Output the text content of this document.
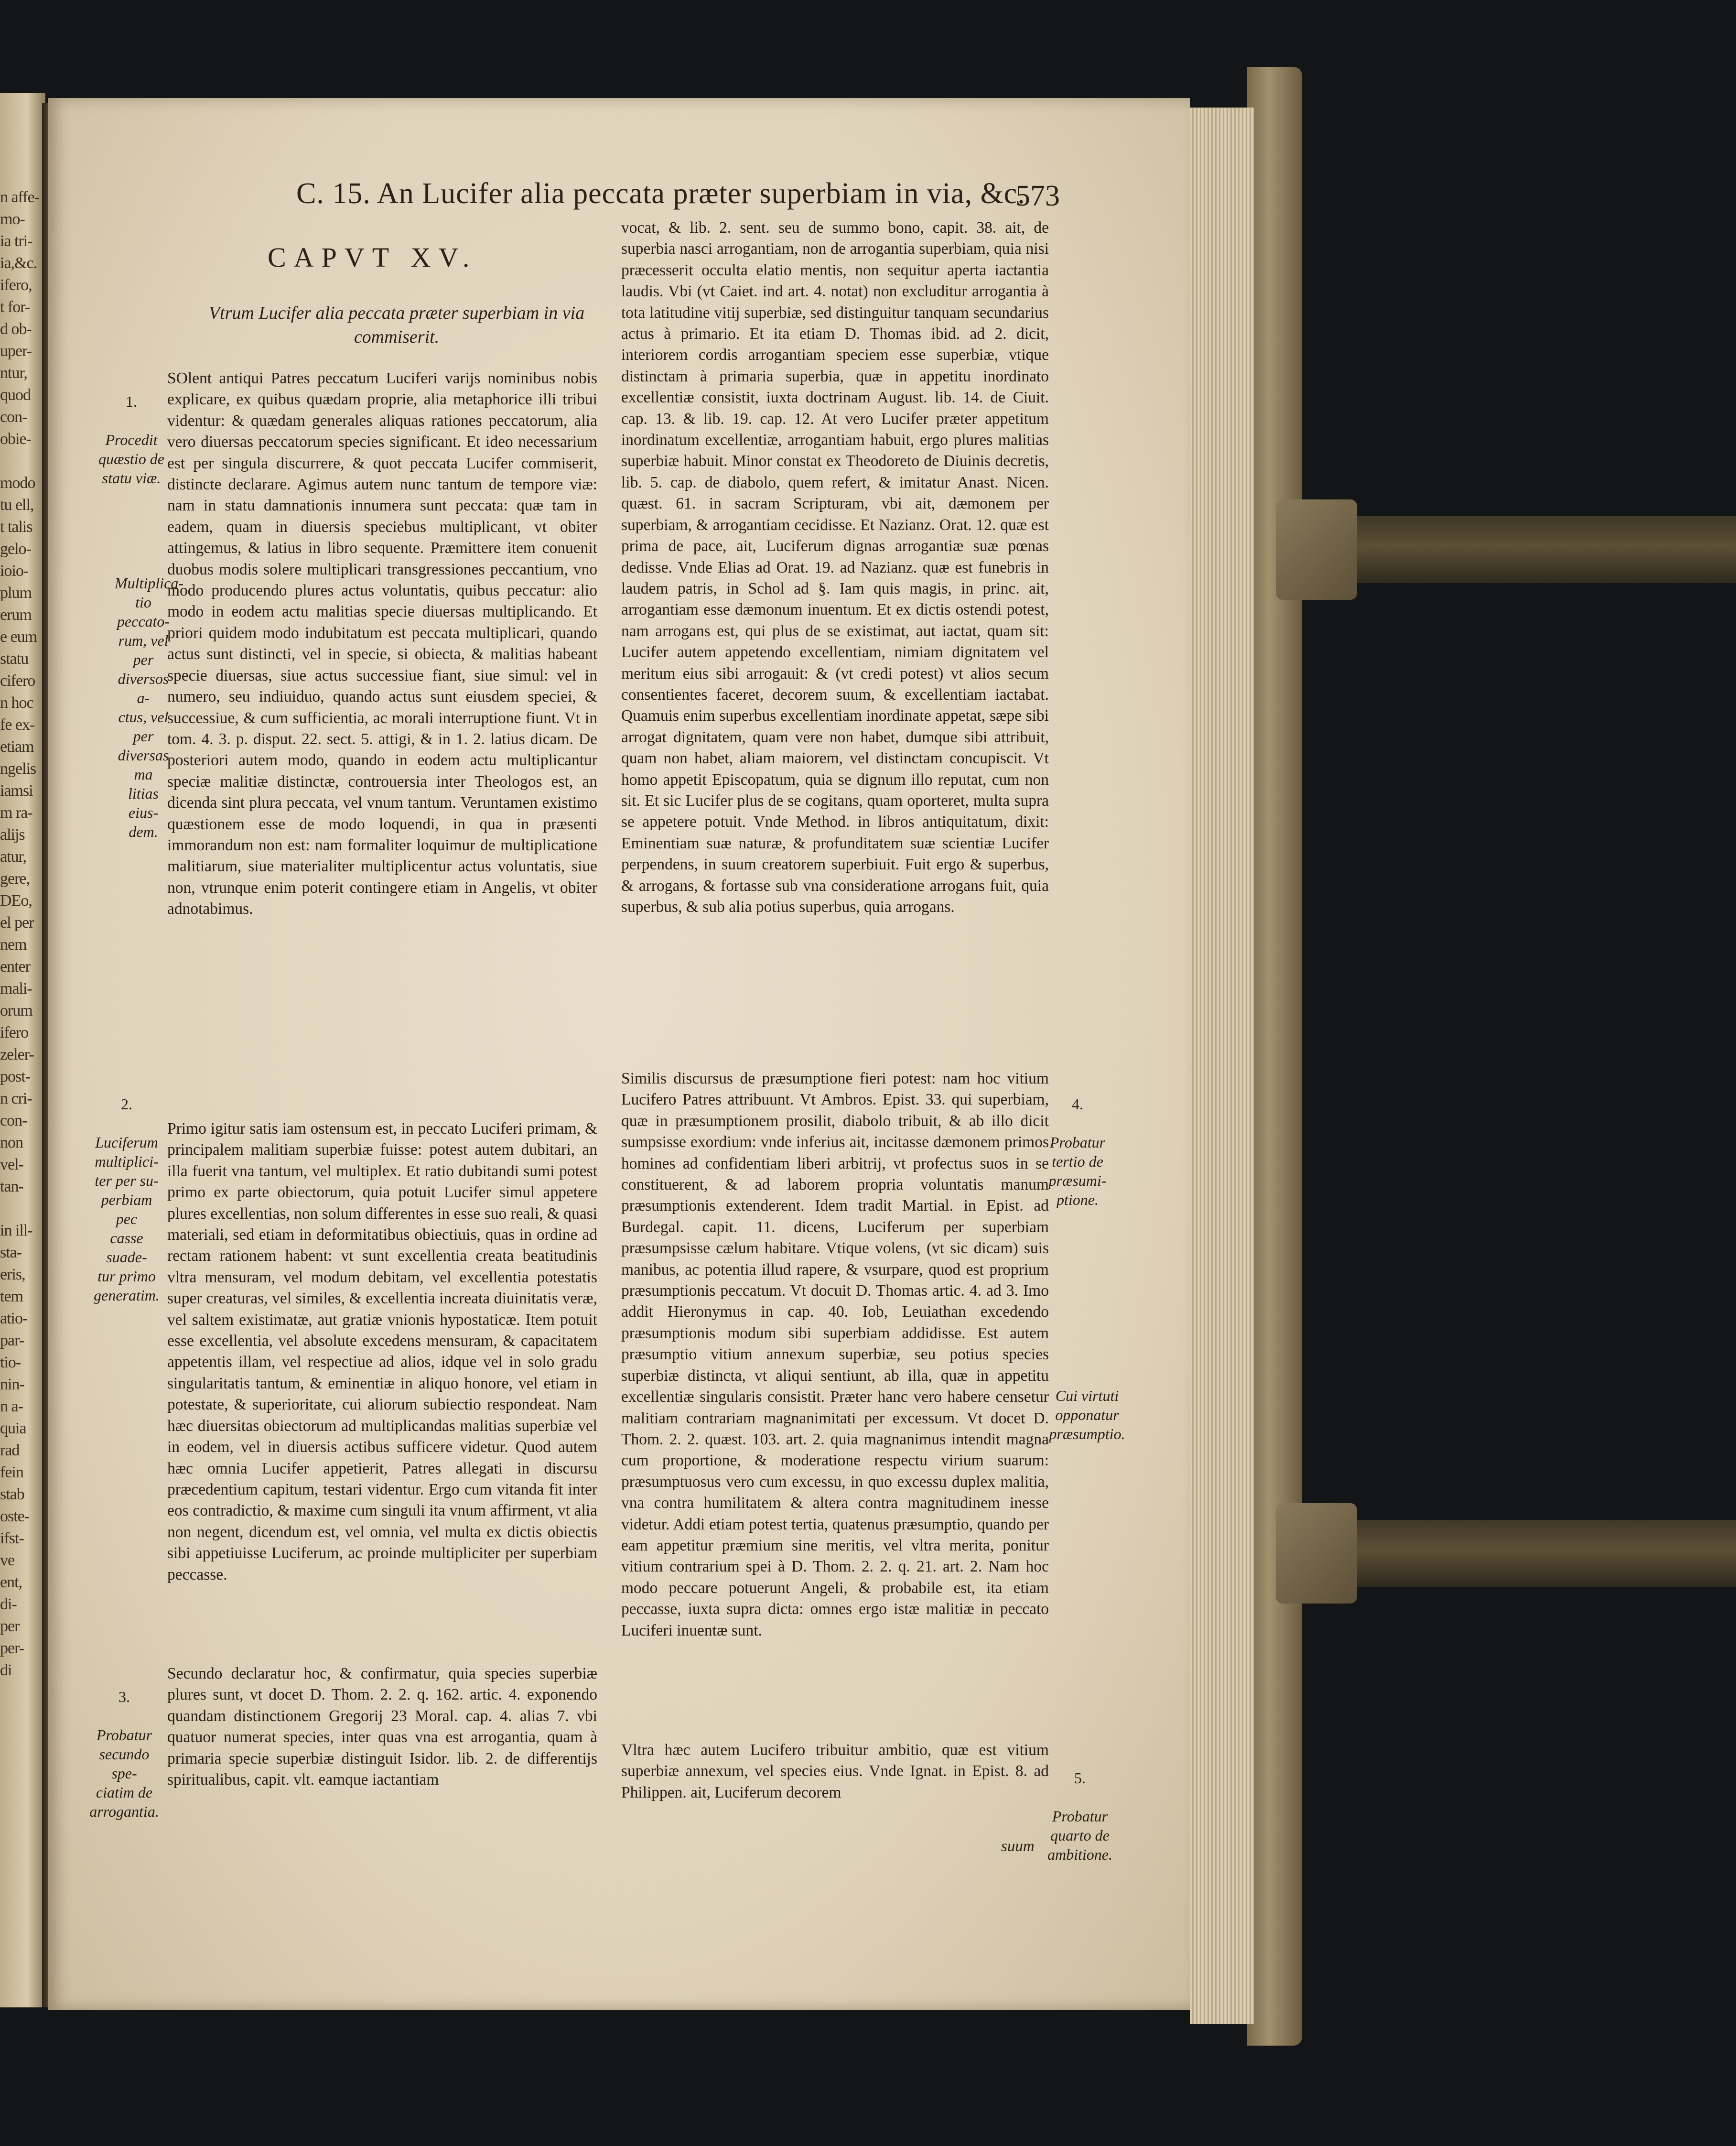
n affe-
mo-
ia tri-
ia,&c.
ifero,
t for-
d ob-
uper-
ntur,
quod
con-
obie-

modo
tu ell,
t talis
gelo-
ioio-
plum
erum
e eum
statu
cifero
n hoc
fe ex-
etiam
ngelis
iamsi
m ra-
alijs
atur,
gere,
DEo,
el per
nem
enter
mali-
orum
ifero
zeler-
post-
n cri-
con-
non
vel-
tan-

in ill-
sta-
eris,
tem
atio-
par-
tio-
nin-
n a-
quia
rad
fein
stab
oste-
ifst-
ve
ent,
di-
per
per-
di
C. 15. An Lucifer alia peccata præter superbiam in via, &c.
573
CAPVT XV.
Vtrum Lucifer alia peccata præter superbiam in via commiserit.

1.

Procedit
quæstio de
statu viæ.

Multiplica-
tio peccato-
rum, vel per
diversos a-
ctus, vel per
diversas ma
litias eius-
dem.

2.

Luciferum
multiplici-
ter per su-
perbiam pec
casse suade-
tur primo
generatim.

3.

Probatur
secundo spe-
ciatim de
arrogantia.

4.

Probatur
tertio de
præsumi-
ptione.

Cui virtuti
opponatur
præsumptio.

5.

Probatur
quarto de
ambitione.

SOlent antiqui Patres peccatum Luciferi varijs nominibus nobis explicare, ex quibus quædam proprie, alia metaphorice illi tribui videntur: & quædam generales aliquas rationes peccatorum, alia vero diuersas peccatorum species significant. Et ideo necessarium est per singula discurrere, & quot peccata Lucifer commiserit, distincte declarare. Agimus autem nunc tantum de tempore viæ: nam in statu damnationis innumera sunt peccata: quæ tam in eadem, quam in diuersis speciebus multiplicant, vt obiter attingemus, & latius in libro sequente. Præmittere item conuenit duobus modis solere multiplicari transgressiones peccantium, vno modo producendo plures actus voluntatis, quibus peccatur: alio modo in eodem actu malitias specie diuersas multiplicando. Et priori quidem modo indubitatum est peccata multiplicari, quando actus sunt distincti, vel in specie, si obiecta, & malitias habeant specie diuersas, siue actus successiue fiant, siue simul: vel in numero, seu indiuiduo, quando actus sunt eiusdem speciei, & successiue, & cum sufficientia, ac morali interruptione fiunt. Vt in tom. 4. 3. p. disput. 22. sect. 5. attigi, & in 1. 2. latius dicam. De posteriori autem modo, quando in eodem actu multiplicantur speciæ malitiæ distinctæ, controuersia inter Theologos est, an dicenda sint plura peccata, vel vnum tantum. Veruntamen existimo quæstionem esse de modo loquendi, in qua in præsenti immorandum non est: nam formaliter loquimur de multiplicatione malitiarum, siue materialiter multiplicentur actus voluntatis, siue non, vtrunque enim poterit contingere etiam in Angelis, vt obiter adnotabimus.
Primo igitur satis iam ostensum est, in peccato Luciferi primam, & principalem malitiam superbiæ fuisse: potest autem dubitari, an illa fuerit vna tantum, vel multiplex. Et ratio dubitandi sumi potest primo ex parte obiectorum, quia potuit Lucifer simul appetere plures excellentias, non solum differentes in esse suo reali, & quasi materiali, sed etiam in deformitatibus obiectiuis, quas in ordine ad rectam rationem habent: vt sunt excellentia creata beatitudinis vltra mensuram, vel modum debitam, vel excellentia potestatis super creaturas, vel similes, & excellentia increata diuinitatis veræ, vel saltem existimatæ, aut gratiæ vnionis hypostaticæ. Item potuit esse excellentia, vel absolute excedens mensuram, & capacitatem appetentis illam, vel respectiue ad alios, idque vel in solo gradu singularitatis tantum, & eminentiæ in aliquo honore, vel etiam in potestate, & superioritate, cui aliorum subiectio respondeat. Nam hæc diuersitas obiectorum ad multiplicandas malitias superbiæ vel in eodem, vel in diuersis actibus sufficere videtur. Quod autem hæc omnia Lucifer appetierit, Patres allegati in discursu præcedentium capitum, testari videntur. Ergo cum vitanda fit inter eos contradictio, & maxime cum singuli ita vnum affirment, vt alia non negent, dicendum est, vel omnia, vel multa ex dictis obiectis sibi appetiuisse Luciferum, ac proinde multipliciter per superbiam peccasse.
Secundo declaratur hoc, & confirmatur, quia species superbiæ plures sunt, vt docet D. Thom. 2. 2. q. 162. artic. 4. exponendo quandam distinctionem Gregorij 23 Moral. cap. 4. alias 7. vbi quatuor numerat species, inter quas vna est arrogantia, quam à primaria specie superbiæ distinguit Isidor. lib. 2. de differentijs spiritualibus, capit. vlt. eamque iactantiam
vocat, & lib. 2. sent. seu de summo bono, capit. 38. ait, de superbia nasci arrogantiam, non de arrogantia superbiam, quia nisi præcesserit occulta elatio mentis, non sequitur aperta iactantia laudis. Vbi (vt Caiet. ind art. 4. notat) non excluditur arrogantia à tota latitudine vitij superbiæ, sed distinguitur tanquam secundarius actus à primario. Et ita etiam D. Thomas ibid. ad 2. dicit, interiorem cordis arrogantiam speciem esse superbiæ, vtique distinctam à primaria superbia, quæ in appetitu inordinato excellentiæ consistit, iuxta doctrinam August. lib. 14. de Ciuit. cap. 13. & lib. 19. cap. 12. At vero Lucifer præter appetitum inordinatum excellentiæ, arrogantiam habuit, ergo plures malitias superbiæ habuit. Minor constat ex Theodoreto de Diuinis decretis, lib. 5. cap. de diabolo, quem refert, & imitatur Anast. Nicen. quæst. 61. in sacram Scripturam, vbi ait, dæmonem per superbiam, & arrogantiam cecidisse. Et Nazianz. Orat. 12. quæ est prima de pace, ait, Luciferum dignas arrogantiæ suæ pœnas dedisse. Vnde Elias ad Orat. 19. ad Nazianz. quæ est funebris in laudem patris, in Schol ad §. Iam quis magis, in princ. ait, arrogantiam esse dæmonum inuentum. Et ex dictis ostendi potest, nam arrogans est, qui plus de se existimat, aut iactat, quam sit: Lucifer autem appetendo excellentiam, nimiam dignitatem vel meritum eius sibi arrogauit: & (vt credi potest) vt alios secum consentientes faceret, decorem suum, & excellentiam iactabat. Quamuis enim superbus excellentiam inordinate appetat, sæpe sibi arrogat dignitatem, quam vere non habet, dumque sibi attribuit, quam non habet, aliam maiorem, vel distinctam concupiscit. Vt homo appetit Episcopatum, quia se dignum illo reputat, cum non sit. Et sic Lucifer plus de se cogitans, quam oporteret, multa supra se appetere potuit. Vnde Method. in libros antiquitatum, dixit: Eminentiam suæ naturæ, & profunditatem suæ scientiæ Lucifer perpendens, in suum creatorem superbiuit. Fuit ergo & superbus, & arrogans, & fortasse sub vna consideratione arrogans fuit, quia superbus, & sub alia potius superbus, quia arrogans.
Similis discursus de præsumptione fieri potest: nam hoc vitium Lucifero Patres attribuunt. Vt Ambros. Epist. 33. qui superbiam, quæ in præsumptionem prosilit, diabolo tribuit, & ab illo dicit sumpsisse exordium: vnde inferius ait, incitasse dæmonem primos homines ad confidentiam liberi arbitrij, vt profectus suos in se constituerent, & ad laborem propria voluntatis manum præsumptionis extenderent. Idem tradit Martial. in Epist. ad Burdegal. capit. 11. dicens, Luciferum per superbiam præsumpsisse cælum habitare. Vtique volens, (vt sic dicam) suis manibus, ac potentia illud rapere, & vsurpare, quod est proprium præsumptionis peccatum. Vt docuit D. Thomas artic. 4. ad 3. Imo addit Hieronymus in cap. 40. Iob, Leuiathan excedendo præsumptionis modum sibi superbiam addidisse. Est autem præsumptio vitium annexum superbiæ, seu potius species superbiæ distincta, vt aliqui sentiunt, ab illa, quæ in appetitu excellentiæ singularis consistit. Præter hanc vero habere censetur malitiam contrariam magnanimitati per excessum. Vt docet D. Thom. 2. 2. quæst. 103. art. 2. quia magnanimus intendit magna cum proportione, & moderatione respectu virium suarum: præsumptuosus vero cum excessu, in quo excessu duplex malitia, vna contra humilitatem & altera contra magnitudinem inesse videtur. Addi etiam potest tertia, quatenus præsumptio, quando per eam appetitur præmium sine meritis, vel vltra merita, ponitur vitium contrarium spei à D. Thom. 2. 2. q. 21. art. 2. Nam hoc modo peccare potuerunt Angeli, & probabile est, ita etiam peccasse, iuxta supra dicta: omnes ergo istæ malitiæ in peccato Luciferi inuentæ sunt.
Vltra hæc autem Lucifero tribuitur ambitio, quæ est vitium superbiæ annexum, vel species eius. Vnde Ignat. in Epist. 8. ad Philippen. ait, Luciferum decorem
suum
